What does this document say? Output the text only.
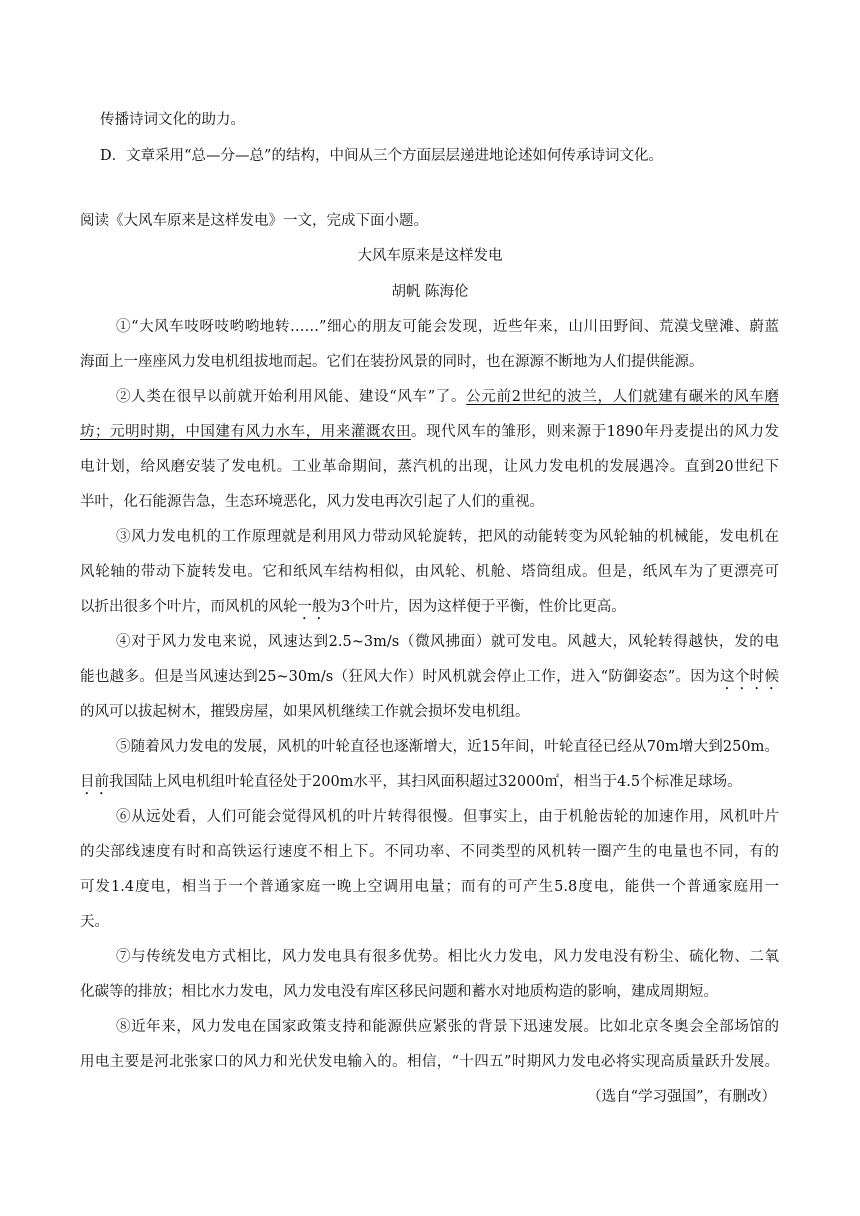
传播诗词文化的助力。
D．文章采用“总—分—总”的结构，中间从三个方面层层递进地论述如何传承诗词文化。
阅读《大风车原来是这样发电》一文，完成下面小题。
大风车原来是这样发电
胡帆 陈海伦
①“大风车吱呀吱哟哟地转……”细心的朋友可能会发现，近些年来，山川田野间、荒漠戈壁滩、蔚蓝
海面上一座座风力发电机组拔地而起。它们在装扮风景的同时，也在源源不断地为人们提供能源。
②人类在很早以前就开始利用风能、建设“风车”了。公元前2世纪的波兰，人们就建有碾米的风车磨
坊；元明时期，中国建有风力水车，用来灌溉农田。现代风车的雏形，则来源于1890年丹麦提出的风力发
电计划，给风磨安装了发电机。工业革命期间，蒸汽机的出现，让风力发电机的发展遇冷。直到20世纪下
半叶，化石能源告急，生态环境恶化，风力发电再次引起了人们的重视。
③风力发电机的工作原理就是利用风力带动风轮旋转，把风的动能转变为风轮轴的机械能，发电机在
风轮轴的带动下旋转发电。它和纸风车结构相似，由风轮、机舱、塔筒组成。但是，纸风车为了更漂亮可
以折出很多个叶片，而风机的风轮一般为3个叶片，因为这样便于平衡，性价比更高。
④对于风力发电来说，风速达到2.5~3m/s（微风拂面）就可发电。风越大，风轮转得越快，发的电
能也越多。但是当风速达到25~30m/s（狂风大作）时风机就会停止工作，进入“防御姿态”。因为这个时候
的风可以拔起树木，摧毁房屋，如果风机继续工作就会损坏发电机组。
⑤随着风力发电的发展，风机的叶轮直径也逐渐增大，近15年间，叶轮直径已经从70m增大到250m。
目前我国陆上风电机组叶轮直径处于200m水平，其扫风面积超过32000㎡，相当于4.5个标准足球场。
⑥从远处看，人们可能会觉得风机的叶片转得很慢。但事实上，由于机舱齿轮的加速作用，风机叶片
的尖部线速度有时和高铁运行速度不相上下。不同功率、不同类型的风机转一圈产生的电量也不同，有的
可发1.4度电，相当于一个普通家庭一晚上空调用电量；而有的可产生5.8度电，能供一个普通家庭用一
天。
⑦与传统发电方式相比，风力发电具有很多优势。相比火力发电，风力发电没有粉尘、硫化物、二氧
化碳等的排放；相比水力发电，风力发电没有库区移民问题和蓄水对地质构造的影响，建成周期短。
⑧近年来，风力发电在国家政策支持和能源供应紧张的背景下迅速发展。比如北京冬奥会全部场馆的
用电主要是河北张家口的风力和光伏发电输入的。相信，“十四五”时期风力发电必将实现高质量跃升发展。
（选自“学习强国”，有删改）
